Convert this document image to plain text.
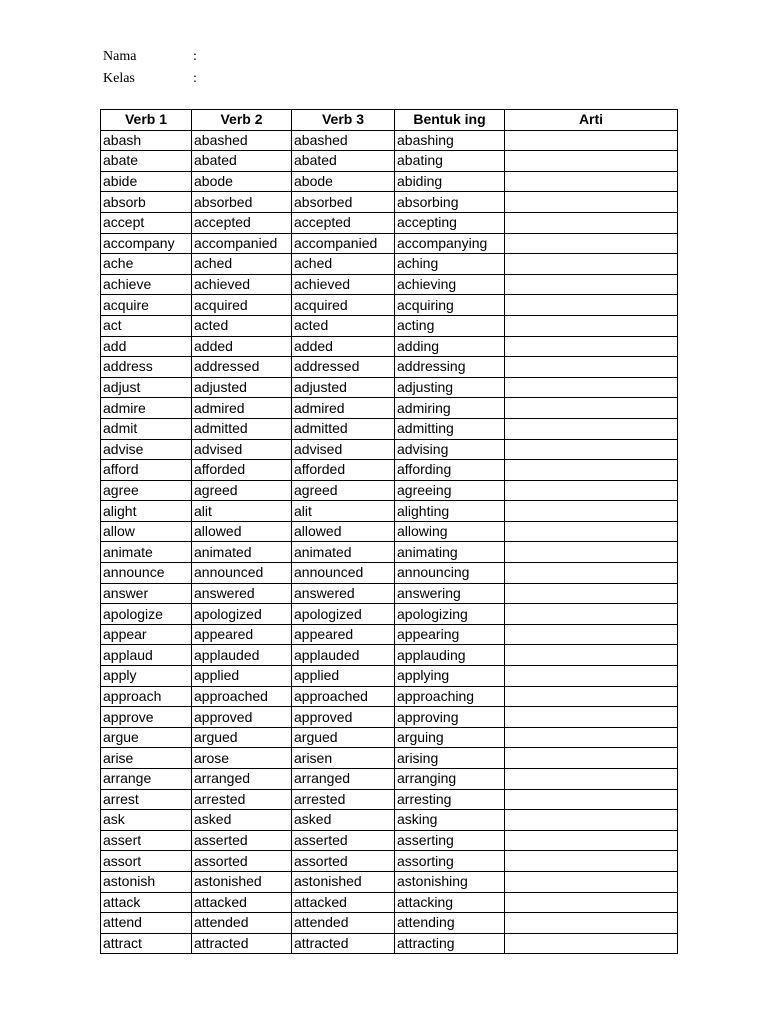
Nama	:
Kelas	:
Verb 1	Verb 2	Verb 3	Bentuk ing	Arti
abash	abashed	abashed	abashing	
abate	abated	abated	abating	
abide	abode	abode	abiding	
absorb	absorbed	absorbed	absorbing	
accept	accepted	accepted	accepting	
accompany	accompanied	accompanied	accompanying	
ache	ached	ached	aching	
achieve	achieved	achieved	achieving	
acquire	acquired	acquired	acquiring	
act	acted	acted	acting	
add	added	added	adding	
address	addressed	addressed	addressing	
adjust	adjusted	adjusted	adjusting	
admire	admired	admired	admiring	
admit	admitted	admitted	admitting	
advise	advised	advised	advising	
afford	afforded	afforded	affording	
agree	agreed	agreed	agreeing	
alight	alit	alit	alighting	
allow	allowed	allowed	allowing	
animate	animated	animated	animating	
announce	announced	announced	announcing	
answer	answered	answered	answering	
apologize	apologized	apologized	apologizing	
appear	appeared	appeared	appearing	
applaud	applauded	applauded	applauding	
apply	applied	applied	applying	
approach	approached	approached	approaching	
approve	approved	approved	approving	
argue	argued	argued	arguing	
arise	arose	arisen	arising	
arrange	arranged	arranged	arranging	
arrest	arrested	arrested	arresting	
ask	asked	asked	asking	
assert	asserted	asserted	asserting	
assort	assorted	assorted	assorting	
astonish	astonished	astonished	astonishing	
attack	attacked	attacked	attacking	
attend	attended	attended	attending	
attract	attracted	attracted	attracting	
